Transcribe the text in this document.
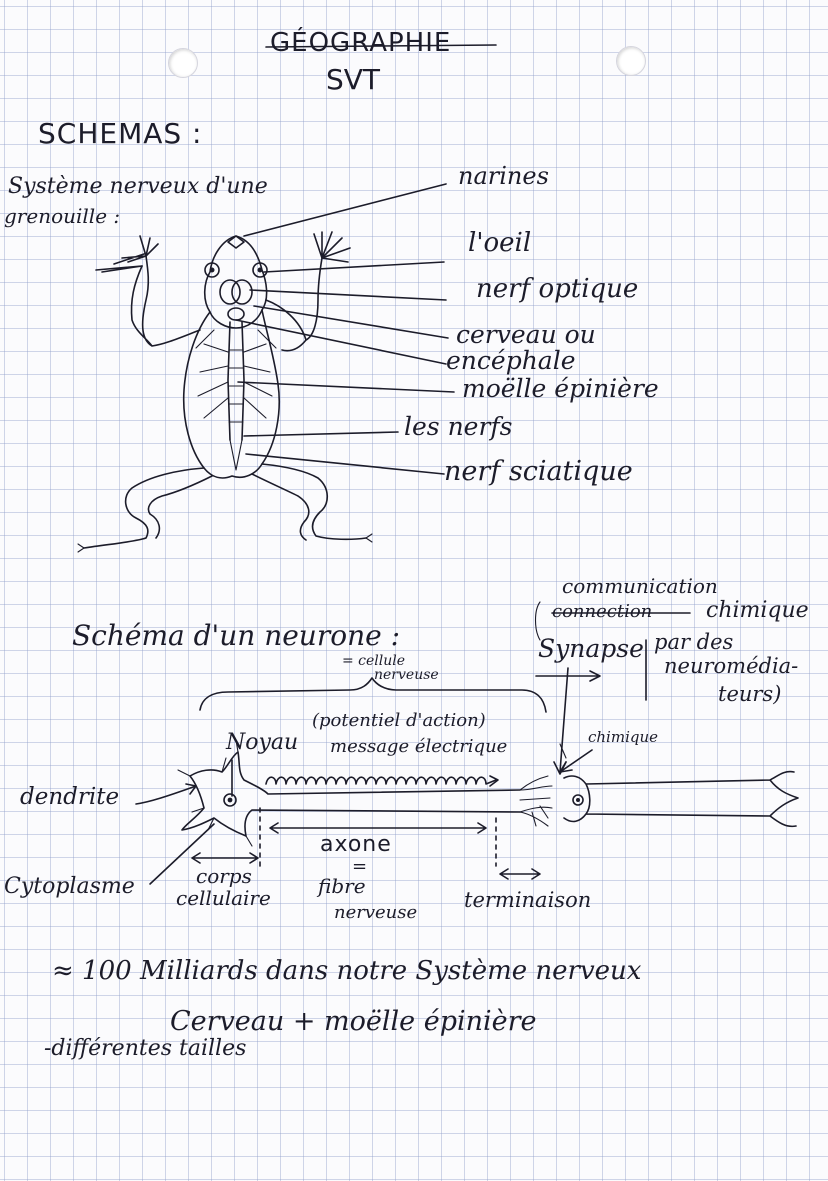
GÉOGRAPHIE
SVT
SCHEMAS :
Système nerveux d'une
grenouille :
narines
l'oeil
nerf optique
cerveau ou
encéphale
moëlle épinière
les nerfs
nerf sciatique
Schéma d'un neurone :
= cellule
nerveuse
communication
connection chimique
Synapse par des
neuromédia-
teurs)
Noyau
(potentiel d'action)
message électrique	chimique
dendrite
axone
=
fibre
nerveuse
Cytoplasme	corps
cellulaire	terminaison
≈ 100 Milliards dans notre Système nerveux
Cerveau + moëlle épinière
-différentes tailles
